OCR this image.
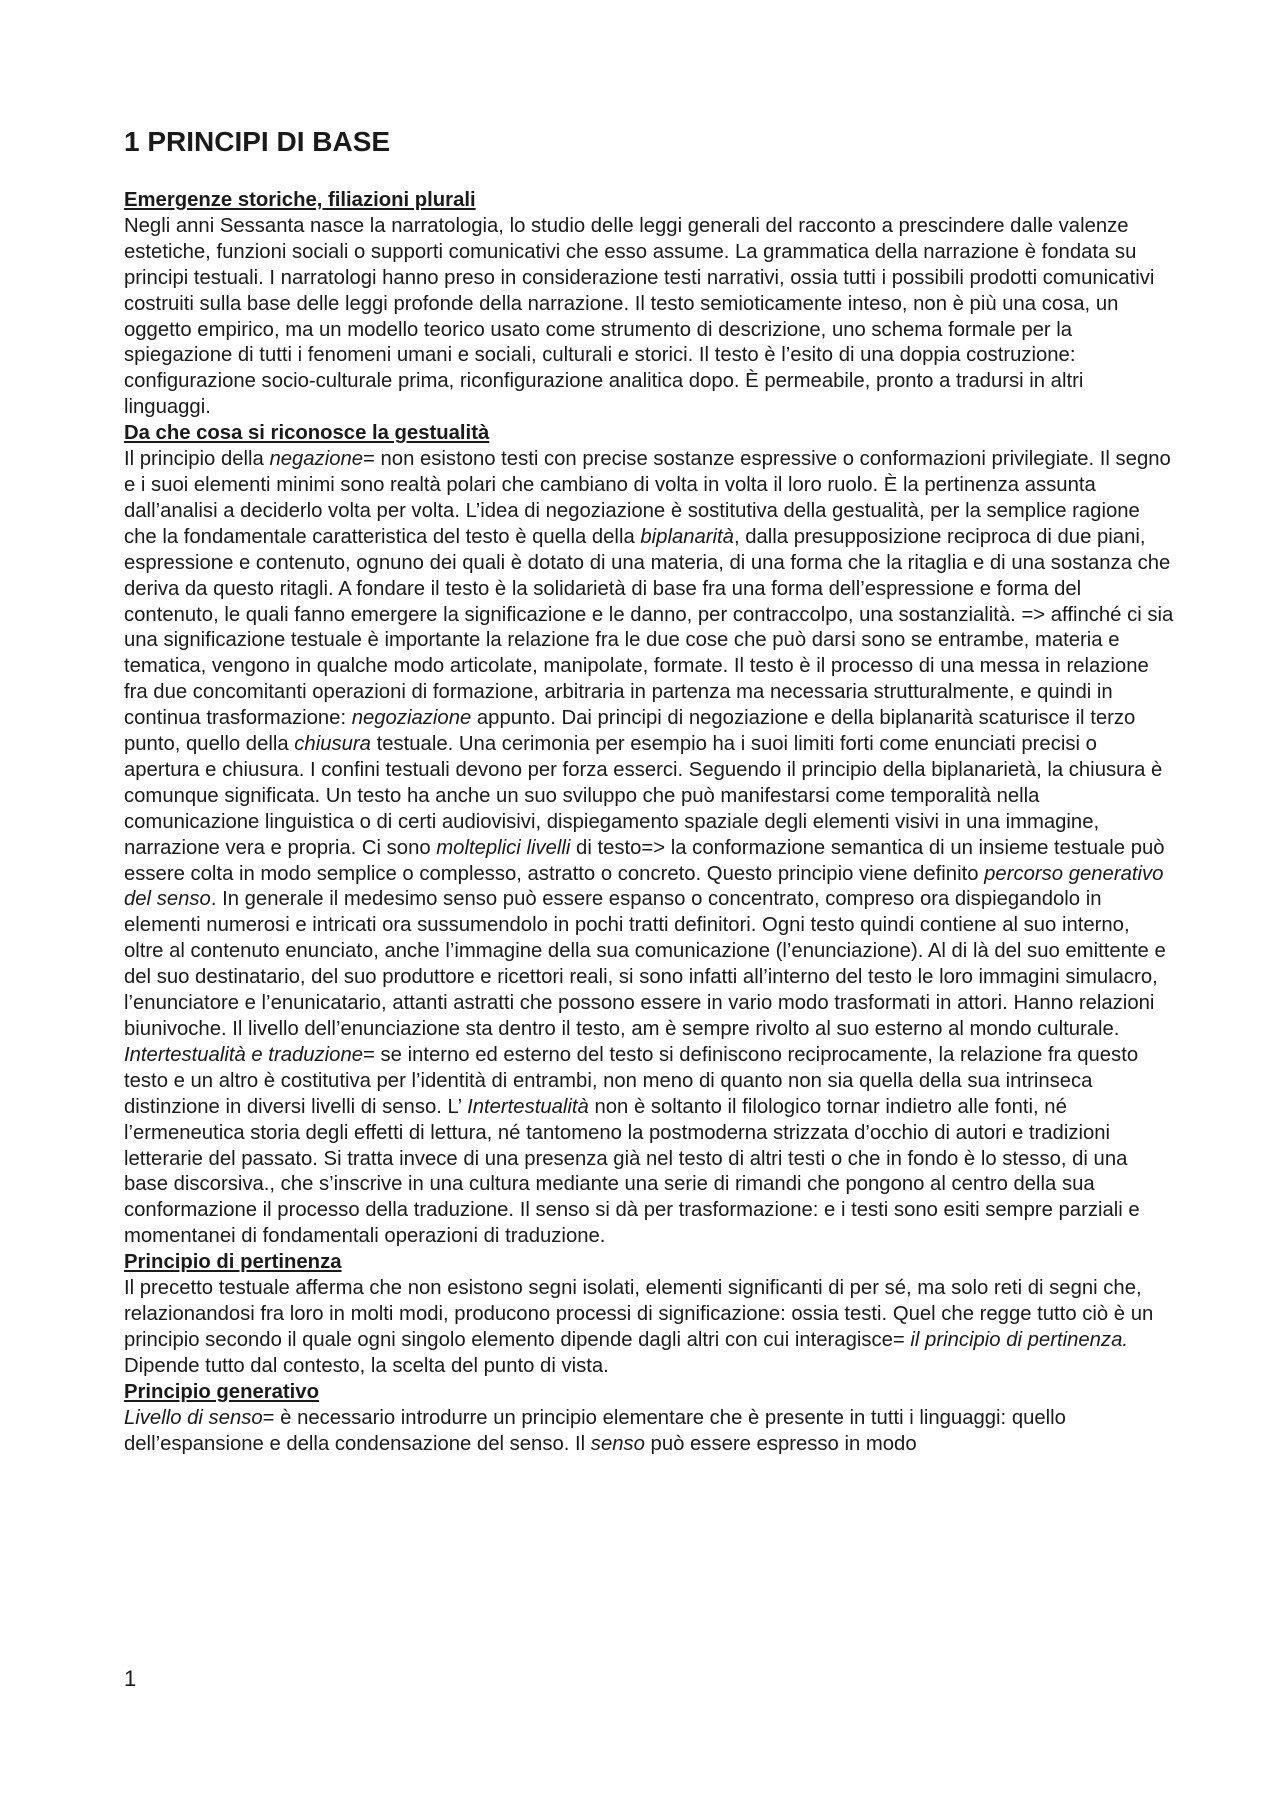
1 PRINCIPI DI BASE

Emergenze storiche, filiazioni plurali

Negli anni Sessanta nasce la narratologia, lo studio delle leggi generali del racconto a prescindere dalle valenze estetiche, funzioni sociali o supporti comunicativi che esso assume. La grammatica della narrazione è fondata su principi testuali. I narratologi hanno preso in considerazione testi narrativi, ossia tutti i possibili prodotti comunicativi costruiti sulla base delle leggi profonde della narrazione. Il testo semioticamente inteso, non è più una cosa, un oggetto empirico, ma un modello teorico usato come strumento di descrizione, uno schema formale per la spiegazione di tutti i fenomeni umani e sociali, culturali e storici. Il testo è l’esito di una doppia costruzione: configurazione socio-culturale prima, riconfigurazione analitica dopo. È permeabile, pronto a tradursi in altri linguaggi.

Da che cosa si riconosce la gestualità

Il principio della negazione= non esistono testi con precise sostanze espressive o conformazioni privilegiate. Il segno e i suoi elementi minimi sono realtà polari che cambiano di volta in volta il loro ruolo. È la pertinenza assunta dall’analisi a deciderlo volta per volta. L’idea di negoziazione è sostitutiva della gestualità, per la semplice ragione che la fondamentale caratteristica del testo è quella della biplanarità, dalla presupposizione reciproca di due piani, espressione e contenuto, ognuno dei quali è dotato di una materia, di una forma che la ritaglia e di una sostanza che deriva da questo ritagli. A fondare il testo è la solidarietà di base fra una forma dell’espressione e forma del contenuto, le quali fanno emergere la significazione e le danno, per contraccolpo, una sostanzialità. => affinché ci sia una significazione testuale è importante la relazione fra le due cose che può darsi sono se entrambe, materia e tematica, vengono in qualche modo articolate, manipolate, formate. Il testo è il processo di una messa in relazione fra due concomitanti operazioni di formazione, arbitraria in partenza ma necessaria strutturalmente, e quindi in continua trasformazione: negoziazione appunto. Dai principi di negoziazione e della biplanarità scaturisce il terzo punto, quello della chiusura testuale. Una cerimonia per esempio ha i suoi limiti forti come enunciati precisi o apertura e chiusura. I confini testuali devono per forza esserci. Seguendo il principio della biplanarietà, la chiusura è comunque significata. Un testo ha anche un suo sviluppo che può manifestarsi come temporalità nella comunicazione linguistica o di certi audiovisivi, dispiegamento spaziale degli elementi visivi in una immagine, narrazione vera e propria. Ci sono molteplici livelli di testo=> la conformazione semantica di un insieme testuale può essere colta in modo semplice o complesso, astratto o concreto. Questo principio viene definito percorso generativo del senso. In generale il medesimo senso può essere espanso o concentrato, compreso ora dispiegandolo in elementi numerosi e intricati ora sussumendolo in pochi tratti definitori. Ogni testo quindi contiene al suo interno, oltre al contenuto enunciato, anche l’immagine della sua comunicazione (l’enunciazione). Al di là del suo emittente e del suo destinatario, del suo produttore e ricettori reali, si sono infatti all’interno del testo le loro immagini simulacro, l’enunciatore e l’enunicatario, attanti astratti che possono essere in vario modo trasformati in attori. Hanno relazioni biunivoche. Il livello dell’enunciazione sta dentro il testo, am è sempre rivolto al suo esterno al mondo culturale. Intertestualità e traduzione= se interno ed esterno del testo si definiscono reciprocamente, la relazione fra questo testo e un altro è costitutiva per l’identità di entrambi, non meno di quanto non sia quella della sua intrinseca distinzione in diversi livelli di senso. L’ Intertestualità non è soltanto il filologico tornar indietro alle fonti, né l’ermeneutica storia degli effetti di lettura, né tantomeno la postmoderna strizzata d’occhio di autori e tradizioni letterarie del passato. Si tratta invece di una presenza già nel testo di altri testi o che in fondo è lo stesso, di una base discorsiva., che s’inscrive in una cultura mediante una serie di rimandi che pongono al centro della sua conformazione il processo della traduzione. Il senso si dà per trasformazione: e i testi sono esiti sempre parziali e momentanei di fondamentali operazioni di traduzione.

Principio di pertinenza

Il precetto testuale afferma che non esistono segni isolati, elementi significanti di per sé, ma solo reti di segni che, relazionandosi fra loro in molti modi, producono processi di significazione: ossia testi. Quel che regge tutto ciò è un principio secondo il quale ogni singolo elemento dipende dagli altri con cui interagisce= il principio di pertinenza. Dipende tutto dal contesto, la scelta del punto di vista.

Principio generativo

Livello di senso= è necessario introdurre un principio elementare che è presente in tutti i linguaggi: quello dell’espansione e della condensazione del senso. Il senso può essere espresso in modo

1
